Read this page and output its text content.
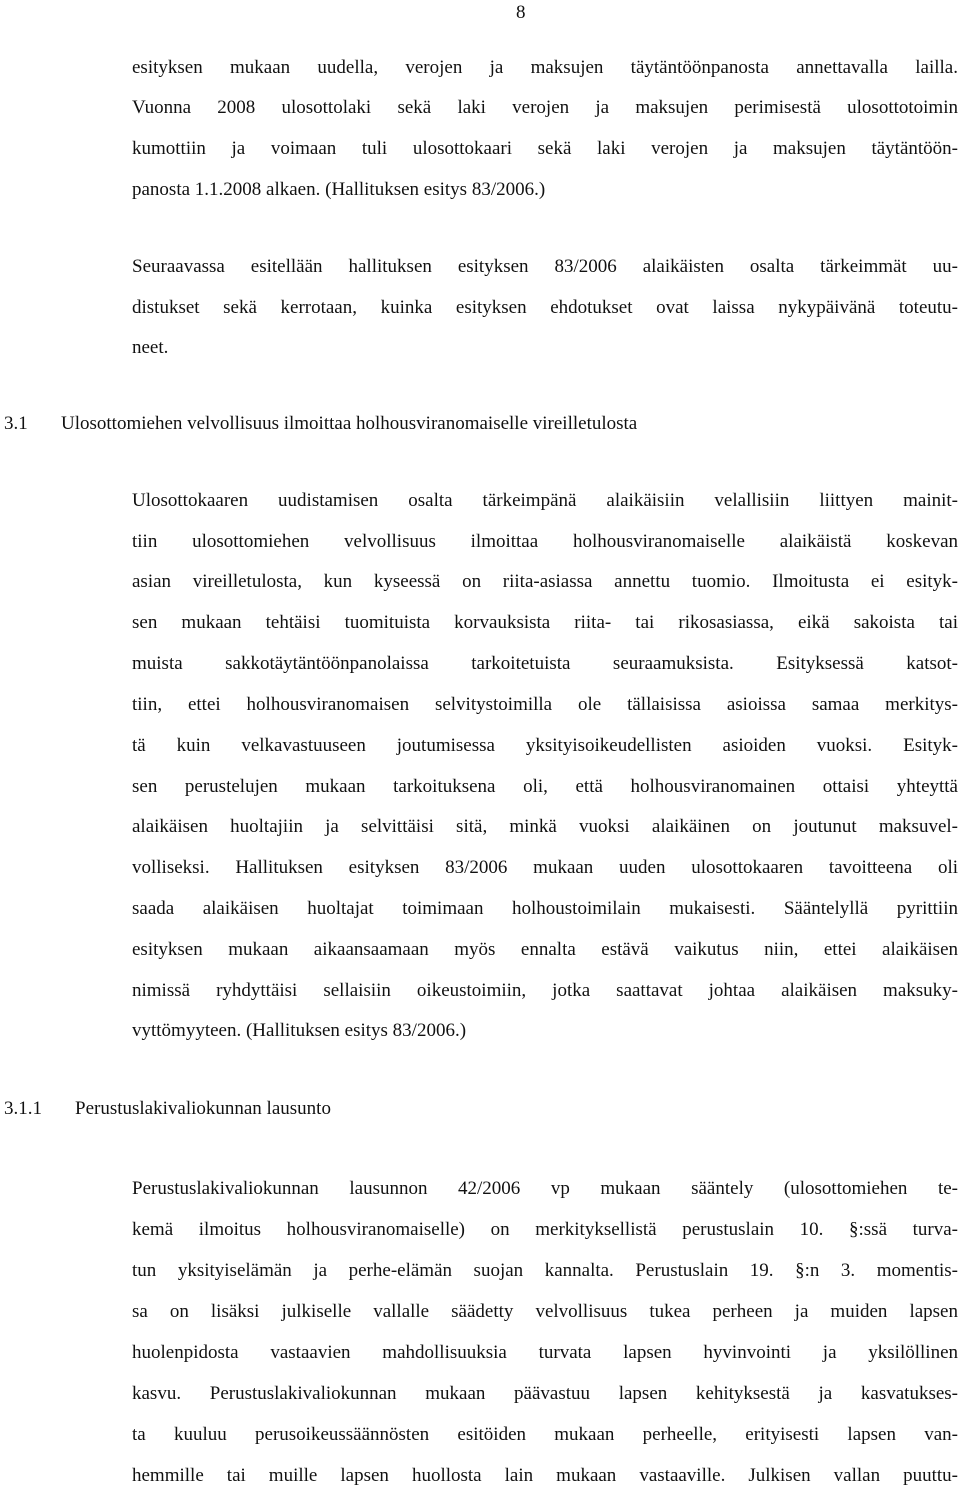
8
esityksen mukaan uudella, verojen ja maksujen täytäntöönpanosta annettavalla lailla.
Vuonna 2008 ulosottolaki sekä laki verojen ja maksujen perimisestä ulosottotoimin
kumottiin ja voimaan tuli ulosottokaari sekä laki verojen ja maksujen täytäntöön-
panosta 1.1.2008 alkaen. (Hallituksen esitys 83/2006.)
Seuraavassa esitellään hallituksen esityksen 83/2006 alaikäisten osalta tärkeimmät uu-
distukset sekä kerrotaan, kuinka esityksen ehdotukset ovat laissa nykypäivänä toteutu-
neet.
3.1 Ulosottomiehen velvollisuus ilmoittaa holhousviranomaiselle vireilletulosta
Ulosottokaaren uudistamisen osalta tärkeimpänä alaikäisiin velallisiin liittyen mainit-
tiin ulosottomiehen velvollisuus ilmoittaa holhousviranomaiselle alaikäistä koskevan
asian vireilletulosta, kun kyseessä on riita-asiassa annettu tuomio. Ilmoitusta ei esityk-
sen mukaan tehtäisi tuomituista korvauksista riita- tai rikosasiassa, eikä sakoista tai
muista sakkotäytäntöönpanolaissa tarkoitetuista seuraamuksista. Esityksessä katsot-
tiin, ettei holhousviranomaisen selvitystoimilla ole tällaisissa asioissa samaa merkitys-
tä kuin velkavastuuseen joutumisessa yksityisoikeudellisten asioiden vuoksi. Esityk-
sen perustelujen mukaan tarkoituksena oli, että holhousviranomainen ottaisi yhteyttä
alaikäisen huoltajiin ja selvittäisi sitä, minkä vuoksi alaikäinen on joutunut maksuvel-
volliseksi. Hallituksen esityksen 83/2006 mukaan uuden ulosottokaaren tavoitteena oli
saada alaikäisen huoltajat toimimaan holhoustoimilain mukaisesti. Sääntelyllä pyrittiin
esityksen mukaan aikaansaamaan myös ennalta estävä vaikutus niin, ettei alaikäisen
nimissä ryhdyttäisi sellaisiin oikeustoimiin, jotka saattavat johtaa alaikäisen maksuky-
vyttömyyteen. (Hallituksen esitys 83/2006.)
3.1.1 Perustuslakivaliokunnan lausunto
Perustuslakivaliokunnan lausunnon 42/2006 vp mukaan sääntely (ulosottomiehen te-
kemä ilmoitus holhousviranomaiselle) on merkityksellistä perustuslain 10. §:ssä turva-
tun yksityiselämän ja perhe-elämän suojan kannalta. Perustuslain 19. §:n 3. momentis-
sa on lisäksi julkiselle vallalle säädetty velvollisuus tukea perheen ja muiden lapsen
huolenpidosta vastaavien mahdollisuuksia turvata lapsen hyvinvointi ja yksilöllinen
kasvu. Perustuslakivaliokunnan mukaan päävastuu lapsen kehityksestä ja kasvatukses-
ta kuuluu perusoikeussäännösten esitöiden mukaan perheelle, erityisesti lapsen van-
hemmille tai muille lapsen huollosta lain mukaan vastaaville. Julkisen vallan puuttu-
